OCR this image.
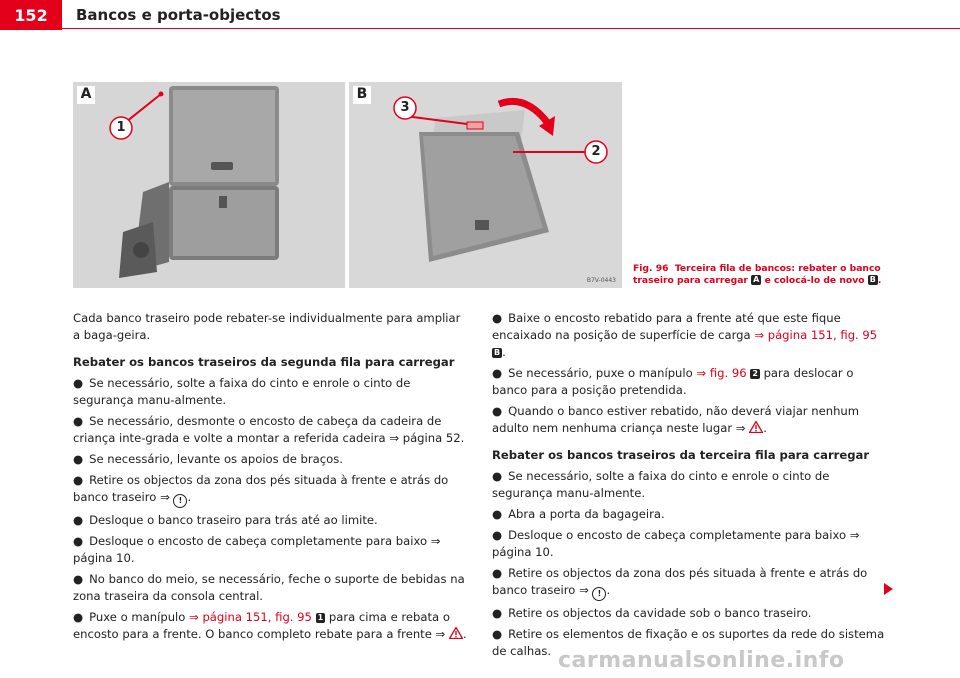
152	Bancos e porta-objectos
A
1
B
3
2
B7V-0443
Fig. 96 Terceira fila de bancos: rebater o banco traseiro para carregar A e colocá-lo de novo B .

Cada banco traseiro pode rebater-se individualmente para ampliar a baga-geira.

Rebater os bancos traseiros da segunda fila para carregar
● Se necessário, solte a faixa do cinto e enrole o cinto de segurança manu-almente.
● Se necessário, desmonte o encosto de cabeça da cadeira de criança inte-grada e volte a montar a referida cadeira ⇒ página 52.
● Se necessário, levante os apoios de braços.
● Retire os objectos da zona dos pés situada à frente e atrás do banco traseiro ⇒ ! .
● Desloque o banco traseiro para trás até ao limite.
● Desloque o encosto de cabeça completamente para baixo ⇒ página 10.
● No banco do meio, se necessário, feche o suporte de bebidas na zona traseira da consola central.
● Puxe o manípulo ⇒ página 151, fig. 95 1 para cima e rebata o encosto para a frente. O banco completo rebate para a frente ⇒ .
● Baixe o encosto rebatido para a frente até que este fique encaixado na posição de superfície de carga ⇒ página 151, fig. 95 B .
● Se necessário, puxe o manípulo ⇒ fig. 96 2 para deslocar o banco para a posição pretendida.
● Quando o banco estiver rebatido, não deverá viajar nenhum adulto nem nenhuma criança neste lugar ⇒ .
Rebater os bancos traseiros da terceira fila para carregar
● Se necessário, solte a faixa do cinto e enrole o cinto de segurança manu-almente.
● Abra a porta da bagageira.
● Desloque o encosto de cabeça completamente para baixo ⇒ página 10.
● Retire os objectos da zona dos pés situada à frente e atrás do banco traseiro ⇒ ! .
● Retire os objectos da cavidade sob o banco traseiro.
● Retire os elementos de fixação e os suportes da rede do sistema de calhas. carmanualsonline.info
